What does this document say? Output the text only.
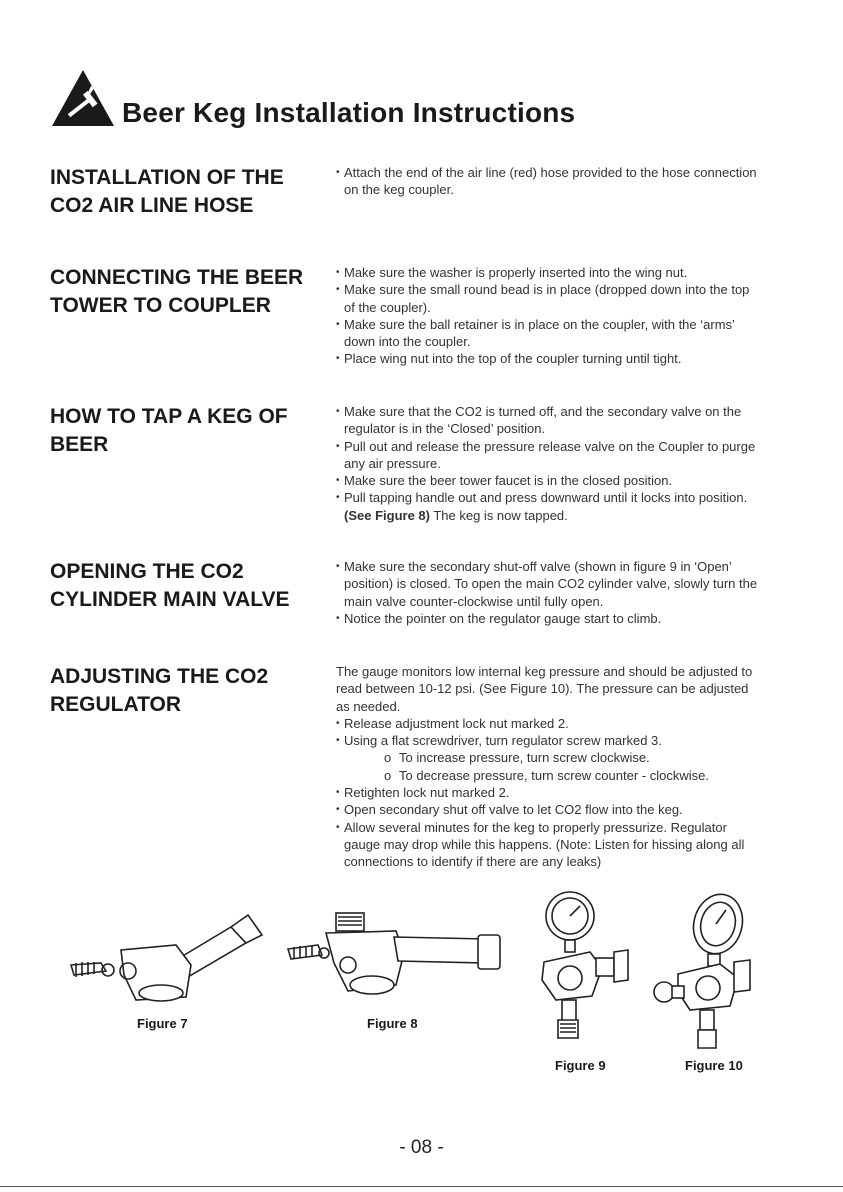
Beer Keg Installation Instructions
INSTALLATION OF THE
CO2 AIR LINE HOSE
• Attach the end of the air line (red) hose provided to the hose connection
on the keg coupler.
CONNECTING THE BEER
TOWER TO COUPLER
• Make sure the washer is properly inserted into the wing nut.
• Make sure the small round bead is in place (dropped down into the top
of the coupler).
• Make sure the ball retainer is in place on the coupler, with the ‘arms’
down into the coupler.
• Place wing nut into the top of the coupler turning until tight.
HOW TO TAP A KEG OF
BEER
• Make sure that the CO2 is turned off, and the secondary valve on the
regulator is in the ‘Closed’ position.
• Pull out and release the pressure release valve on the Coupler to purge
any air pressure.
• Make sure the beer tower faucet is in the closed position.
• Pull tapping handle out and press downward until it locks into position.
(See Figure 8) The keg is now tapped.
OPENING THE CO2
CYLINDER MAIN VALVE
• Make sure the secondary shut-off valve (shown in figure 9 in ‘Open’
position) is closed. To open the main CO2 cylinder valve, slowly turn the
main valve counter-clockwise until fully open.
• Notice the pointer on the regulator gauge start to climb.
ADJUSTING THE CO2
REGULATOR
The gauge monitors low internal keg pressure and should be adjusted to
read between 10-12 psi. (See Figure 10). The pressure can be adjusted
as needed.
• Release adjustment lock nut marked 2.
• Using a flat screwdriver, turn regulator screw marked 3.
o To increase pressure, turn screw clockwise.
o To decrease pressure, turn screw counter - clockwise.
• Retighten lock nut marked 2.
• Open secondary shut off valve to let CO2 flow into the keg.
• Allow several minutes for the keg to properly pressurize. Regulator
gauge may drop while this happens. (Note: Listen for hissing along all
connections to identify if there are any leaks)
Figure 7	Figure 8
Figure 9	Figure 10
- 08 -
